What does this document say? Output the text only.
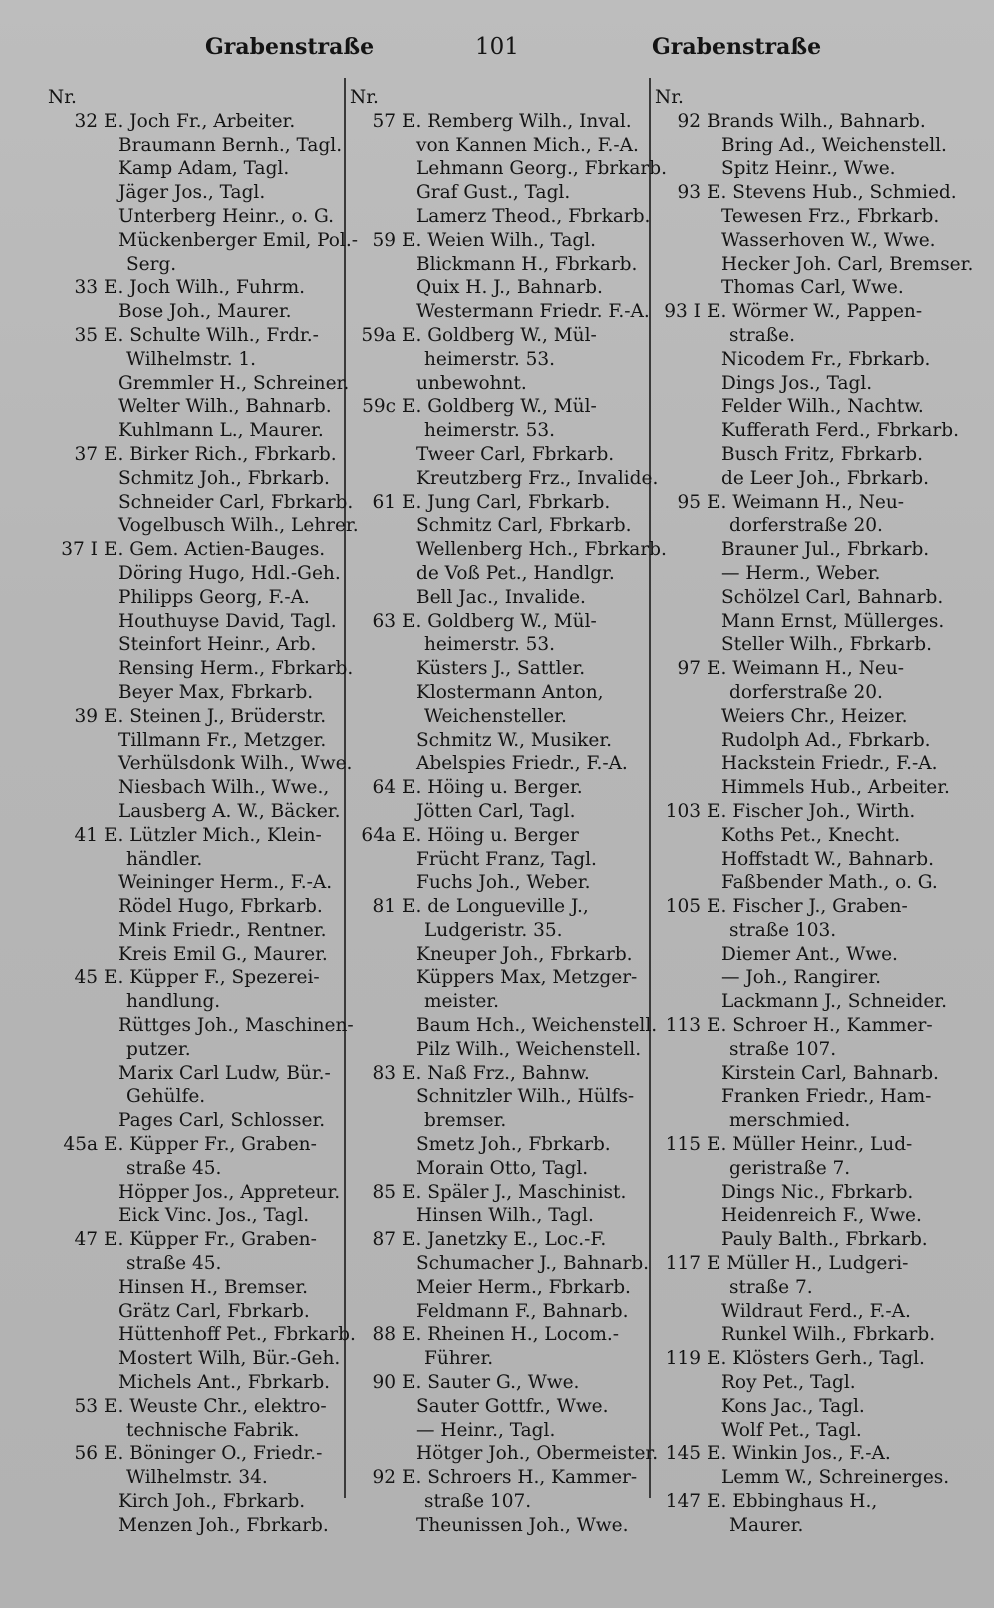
Grabenstraße	101	Grabenstraße
Nr.
32 E. Joch Fr., Arbeiter.
Braumann Bernh., Tagl.
Kamp Adam, Tagl.
Jäger Jos., Tagl.
Unterberg Heinr., o. G.
Mückenberger Emil, Pol.-
Serg.
33 E. Joch Wilh., Fuhrm.
Bose Joh., Maurer.
35 E. Schulte Wilh., Frdr.-
Wilhelmstr. 1.
Gremmler H., Schreiner.
Welter Wilh., Bahnarb.
Kuhlmann L., Maurer.
37 E. Birker Rich., Fbrkarb.
Schmitz Joh., Fbrkarb.
Schneider Carl, Fbrkarb.
Vogelbusch Wilh., Lehrer.
37 I E. Gem. Actien-Bauges.
Döring Hugo, Hdl.-Geh.
Philipps Georg, F.-A.
Houthuyse David, Tagl.
Steinfort Heinr., Arb.
Rensing Herm., Fbrkarb.
Beyer Max, Fbrkarb.
39 E. Steinen J., Brüderstr.
Tillmann Fr., Metzger.
Verhülsdonk Wilh., Wwe.
Niesbach Wilh., Wwe.,
Lausberg A. W., Bäcker.
41 E. Lützler Mich., Klein-
händler.
Weininger Herm., F.-A.
Rödel Hugo, Fbrkarb.
Mink Friedr., Rentner.
Kreis Emil G., Maurer.
45 E. Küpper F., Spezerei-
handlung.
Rüttges Joh., Maschinen-
putzer.
Marix Carl Ludw, Bür.-
Gehülfe.
Pages Carl, Schlosser.
45a E. Küpper Fr., Graben-
straße 45.
Höpper Jos., Appreteur.
Eick Vinc. Jos., Tagl.
47 E. Küpper Fr., Graben-
straße 45.
Hinsen H., Bremser.
Grätz Carl, Fbrkarb.
Hüttenhoff Pet., Fbrkarb.
Mostert Wilh, Bür.-Geh.
Michels Ant., Fbrkarb.
53 E. Weuste Chr., elektro-
technische Fabrik.
56 E. Böninger O., Friedr.-
Wilhelmstr. 34.
Kirch Joh., Fbrkarb.
Menzen Joh., Fbrkarb.
Nr.
57 E. Remberg Wilh., Inval.
von Kannen Mich., F.-A.
Lehmann Georg., Fbrkarb.
Graf Gust., Tagl.
Lamerz Theod., Fbrkarb.
59 E. Weien Wilh., Tagl.
Blickmann H., Fbrkarb.
Quix H. J., Bahnarb.
Westermann Friedr. F.-A.
59a E. Goldberg W., Mül-
heimerstr. 53.
unbewohnt.
59c E. Goldberg W., Mül-
heimerstr. 53.
Tweer Carl, Fbrkarb.
Kreutzberg Frz., Invalide.
61 E. Jung Carl, Fbrkarb.
Schmitz Carl, Fbrkarb.
Wellenberg Hch., Fbrkarb.
de Voß Pet., Handlgr.
Bell Jac., Invalide.
63 E. Goldberg W., Mül-
heimerstr. 53.
Küsters J., Sattler.
Klostermann Anton,
Weichensteller.
Schmitz W., Musiker.
Abelspies Friedr., F.-A.
64 E. Höing u. Berger.
Jötten Carl, Tagl.
64a E. Höing u. Berger
Frücht Franz, Tagl.
Fuchs Joh., Weber.
81 E. de Longueville J.,
Ludgeristr. 35.
Kneuper Joh., Fbrkarb.
Küppers Max, Metzger-
meister.
Baum Hch., Weichenstell.
Pilz Wilh., Weichenstell.
83 E. Naß Frz., Bahnw.
Schnitzler Wilh., Hülfs-
bremser.
Smetz Joh., Fbrkarb.
Morain Otto, Tagl.
85 E. Späler J., Maschinist.
Hinsen Wilh., Tagl.
87 E. Janetzky E., Loc.-F.
Schumacher J., Bahnarb.
Meier Herm., Fbrkarb.
Feldmann F., Bahnarb.
88 E. Rheinen H., Locom.-
Führer.
90 E. Sauter G., Wwe.
Sauter Gottfr., Wwe.
— Heinr., Tagl.
Hötger Joh., Obermeister.
92 E. Schroers H., Kammer-
straße 107.
Theunissen Joh., Wwe.
Nr.
92 Brands Wilh., Bahnarb.
Bring Ad., Weichenstell.
Spitz Heinr., Wwe.
93 E. Stevens Hub., Schmied.
Tewesen Frz., Fbrkarb.
Wasserhoven W., Wwe.
Hecker Joh. Carl, Bremser.
Thomas Carl, Wwe.
93 I E. Wörmer W., Pappen-
straße.
Nicodem Fr., Fbrkarb.
Dings Jos., Tagl.
Felder Wilh., Nachtw.
Kufferath Ferd., Fbrkarb.
Busch Fritz, Fbrkarb.
de Leer Joh., Fbrkarb.
95 E. Weimann H., Neu-
dorferstraße 20.
Brauner Jul., Fbrkarb.
— Herm., Weber.
Schölzel Carl, Bahnarb.
Mann Ernst, Müllerges.
Steller Wilh., Fbrkarb.
97 E. Weimann H., Neu-
dorferstraße 20.
Weiers Chr., Heizer.
Rudolph Ad., Fbrkarb.
Hackstein Friedr., F.-A.
Himmels Hub., Arbeiter.
103 E. Fischer Joh., Wirth.
Koths Pet., Knecht.
Hoffstadt W., Bahnarb.
Faßbender Math., o. G.
105 E. Fischer J., Graben-
straße 103.
Diemer Ant., Wwe.
— Joh., Rangirer.
Lackmann J., Schneider.
113 E. Schroer H., Kammer-
straße 107.
Kirstein Carl, Bahnarb.
Franken Friedr., Ham-
merschmied.
115 E. Müller Heinr., Lud-
geristraße 7.
Dings Nic., Fbrkarb.
Heidenreich F., Wwe.
Pauly Balth., Fbrkarb.
117 E Müller H., Ludgeri-
straße 7.
Wildraut Ferd., F.-A.
Runkel Wilh., Fbrkarb.
119 E. Klösters Gerh., Tagl.
Roy Pet., Tagl.
Kons Jac., Tagl.
Wolf Pet., Tagl.
145 E. Winkin Jos., F.-A.
Lemm W., Schreinerges.
147 E. Ebbinghaus H.,
Maurer.
